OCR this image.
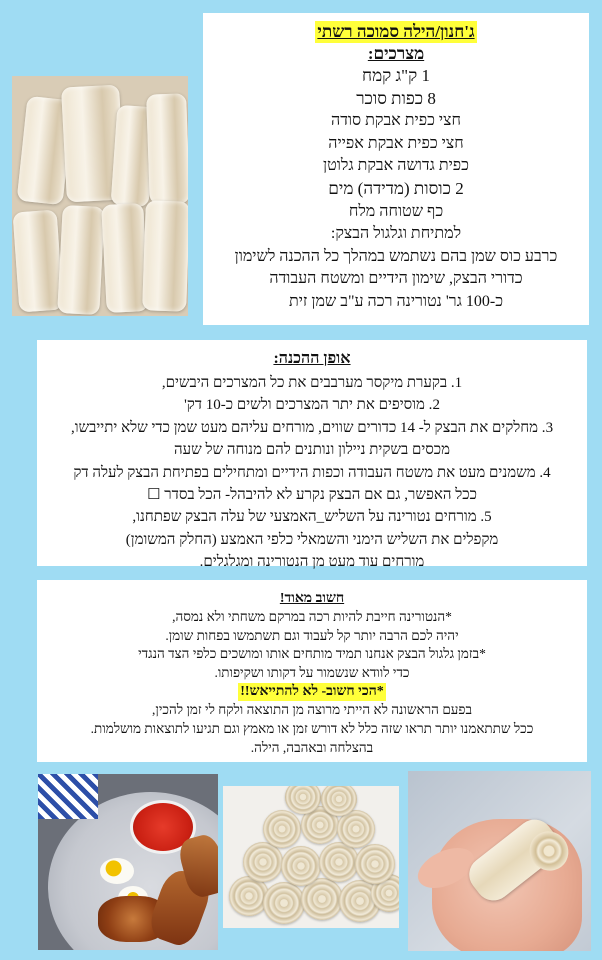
ג'חנון/הילה סמוכה רשתי
מצרכים:
1 ק"ג קמח
8 כפות סוכר
חצי כפית אבקת סודה
חצי כפית אבקת אפייה
כפית גדושה אבקת גלוטן
2 כוסות (מדידה) מים
כף שטוחה מלח
למתיחת וגלגול הבצק:
כרבע כוס שמן בהם נשתמש במהלך כל ההכנה לשימון
כדורי הבצק, שימון הידיים ומשטח העבודה
כ-100 גר' נטורינה רכה ע"ב שמן זית
אופן ההכנה:
1. בקערת מיקסר מערבבים את כל המצרכים היבשים,
2. מוסיפים את יתר המצרכים ולשים כ-10 דק'
3. מחלקים את הבצק ל- 14 כדורים שווים, מורחים עליהם מעט שמן כדי שלא יתייבשו,
מכסים בשקית ניילון ונותנים להם מנוחה של שעה
4. משמנים מעט את משטח העבודה וכפות הידיים ומתחילים בפתיחת הבצק לעלה דק
ככל האפשר, גם אם הבצק נקרע לא להיבהל- הכל בסדר ☐
5. מורחים נטורינה על השליש_האמצעי של עלה הבצק שפתחנו,
מקפלים את השליש הימני והשמאלי כלפי האמצע (החלק המשומן)
מורחים עוד מעט מן הנטורינה ומגלגלים.
חשוב מאוד!
*הנטורינה חייבת להיות רכה במרקם משחתי ולא נמסה,
יהיה לכם הרבה יותר קל לעבוד וגם תשתמשו בפחות שומן.
*בזמן גלגול הבצק אנחנו תמיד מותחים אותו ומושכים כלפי הצד הנגדי
כדי לוודא שנשמור על דקותו ושקיפותו.
*הכי חשוב- לא להתייאש!!
בפעם הראשונה לא הייתי מרוצה מן התוצאה ולקח לי זמן להכין,
ככל שתתאמנו יותר תראו שזה כלל לא דורש זמן או מאמץ וגם תגיעו לתוצאות מושלמות.
בהצלחה ובאהבה, הילה.
